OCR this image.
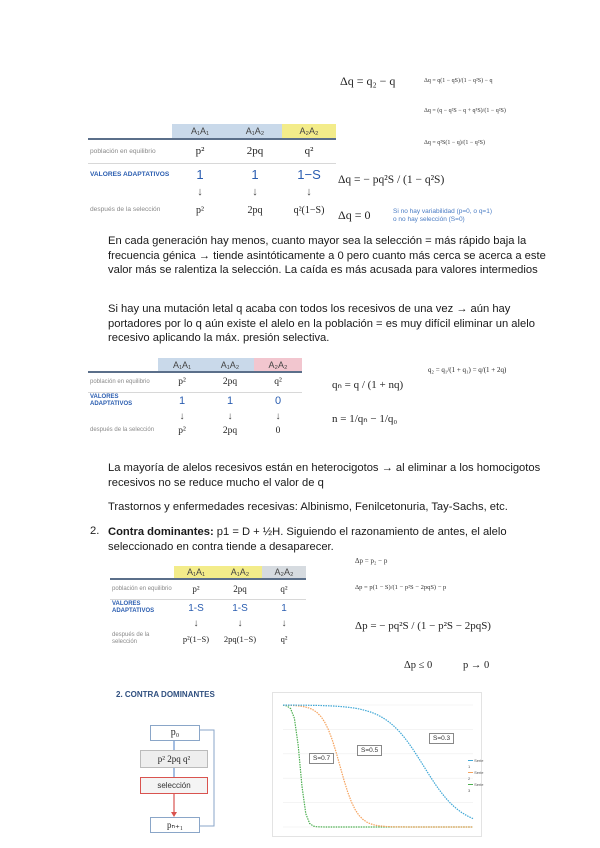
Δq = q₂ − q	Δq = q(1 − qS)/(1 − q²S) − q
Δq = (q − q²S − q + q³S)/(1 − q²S)
Δq = q²S(1 − q)/(1 − q²S)
Δq = − pq²S / (1 − q²S)
Δq = 0	Si no hay variabilidad (p=0, o q=1)
o no hay selección (S=0)
	A₁A₁	A₁A₂	A₂A₂
población en equilibrio	p²	2pq	q²
VALORES ADAPTATIVOS	1	1	1−S
	↓	↓	↓
después de la selección	p²	2pq	q²(1−S)

En cada generación hay menos, cuanto mayor sea la selección = más rápido baja la frecuencia génica → tiende asintóticamente a 0 pero cuanto más cerca se acerca a este valor más se ralentiza la selección. La caída es más acusada para valores intermedios

Si hay una mutación letal q acaba con todos los recesivos de una vez → aún hay portadores por lo q aún existe el alelo en la población = es muy difícil eliminar un alelo recesivo aplicando la máx. presión selectiva.

	A₁A₁	A₁A₂	A₂A₂
población en equilibrio	p²	2pq	q²
VALORES ADAPTATIVOS	1	1	0
	↓	↓	↓
después de la selección	p²	2pq	0
qₙ = q / (1 + nq)
n = 1/qₙ − 1/q₀
q₂ = q₁/(1 + q₁) = q/(1 + 2q)

La mayoría de alelos recesivos están en heterocigotos → al eliminar a los homocigotos recesivos no se reduce mucho el valor de q

Trastornos y enfermedades recesivas: Albinismo, Fenilcetonuria, Tay-Sachs, etc.

2. Contra dominantes: p1 = D + ½H. Siguiendo el razonamiento de antes, el alelo seleccionado en contra tiende a desaparecer.

	A₁A₁	A₁A₂	A₂A₂
población en equilibrio	p²	2pq	q²
VALORES ADAPTATIVOS	1-S	1-S	1
	↓	↓	↓
después de la selección	p²(1−S)	2pq(1−S)	q²
Δp = p₂ − p
Δp = p(1 − S)/(1 − p²S − 2pqS) − p
Δp = − pq²S / (1 − p²S − 2pqS)
Δp ≤ 0	p → 0
2. CONTRA DOMINANTES
p₀
p² 2pq q²
selección
pₙ₊₁
S=0.7
S=0.5
S=0.3
Serie 1
Serie 2
Serie 3
